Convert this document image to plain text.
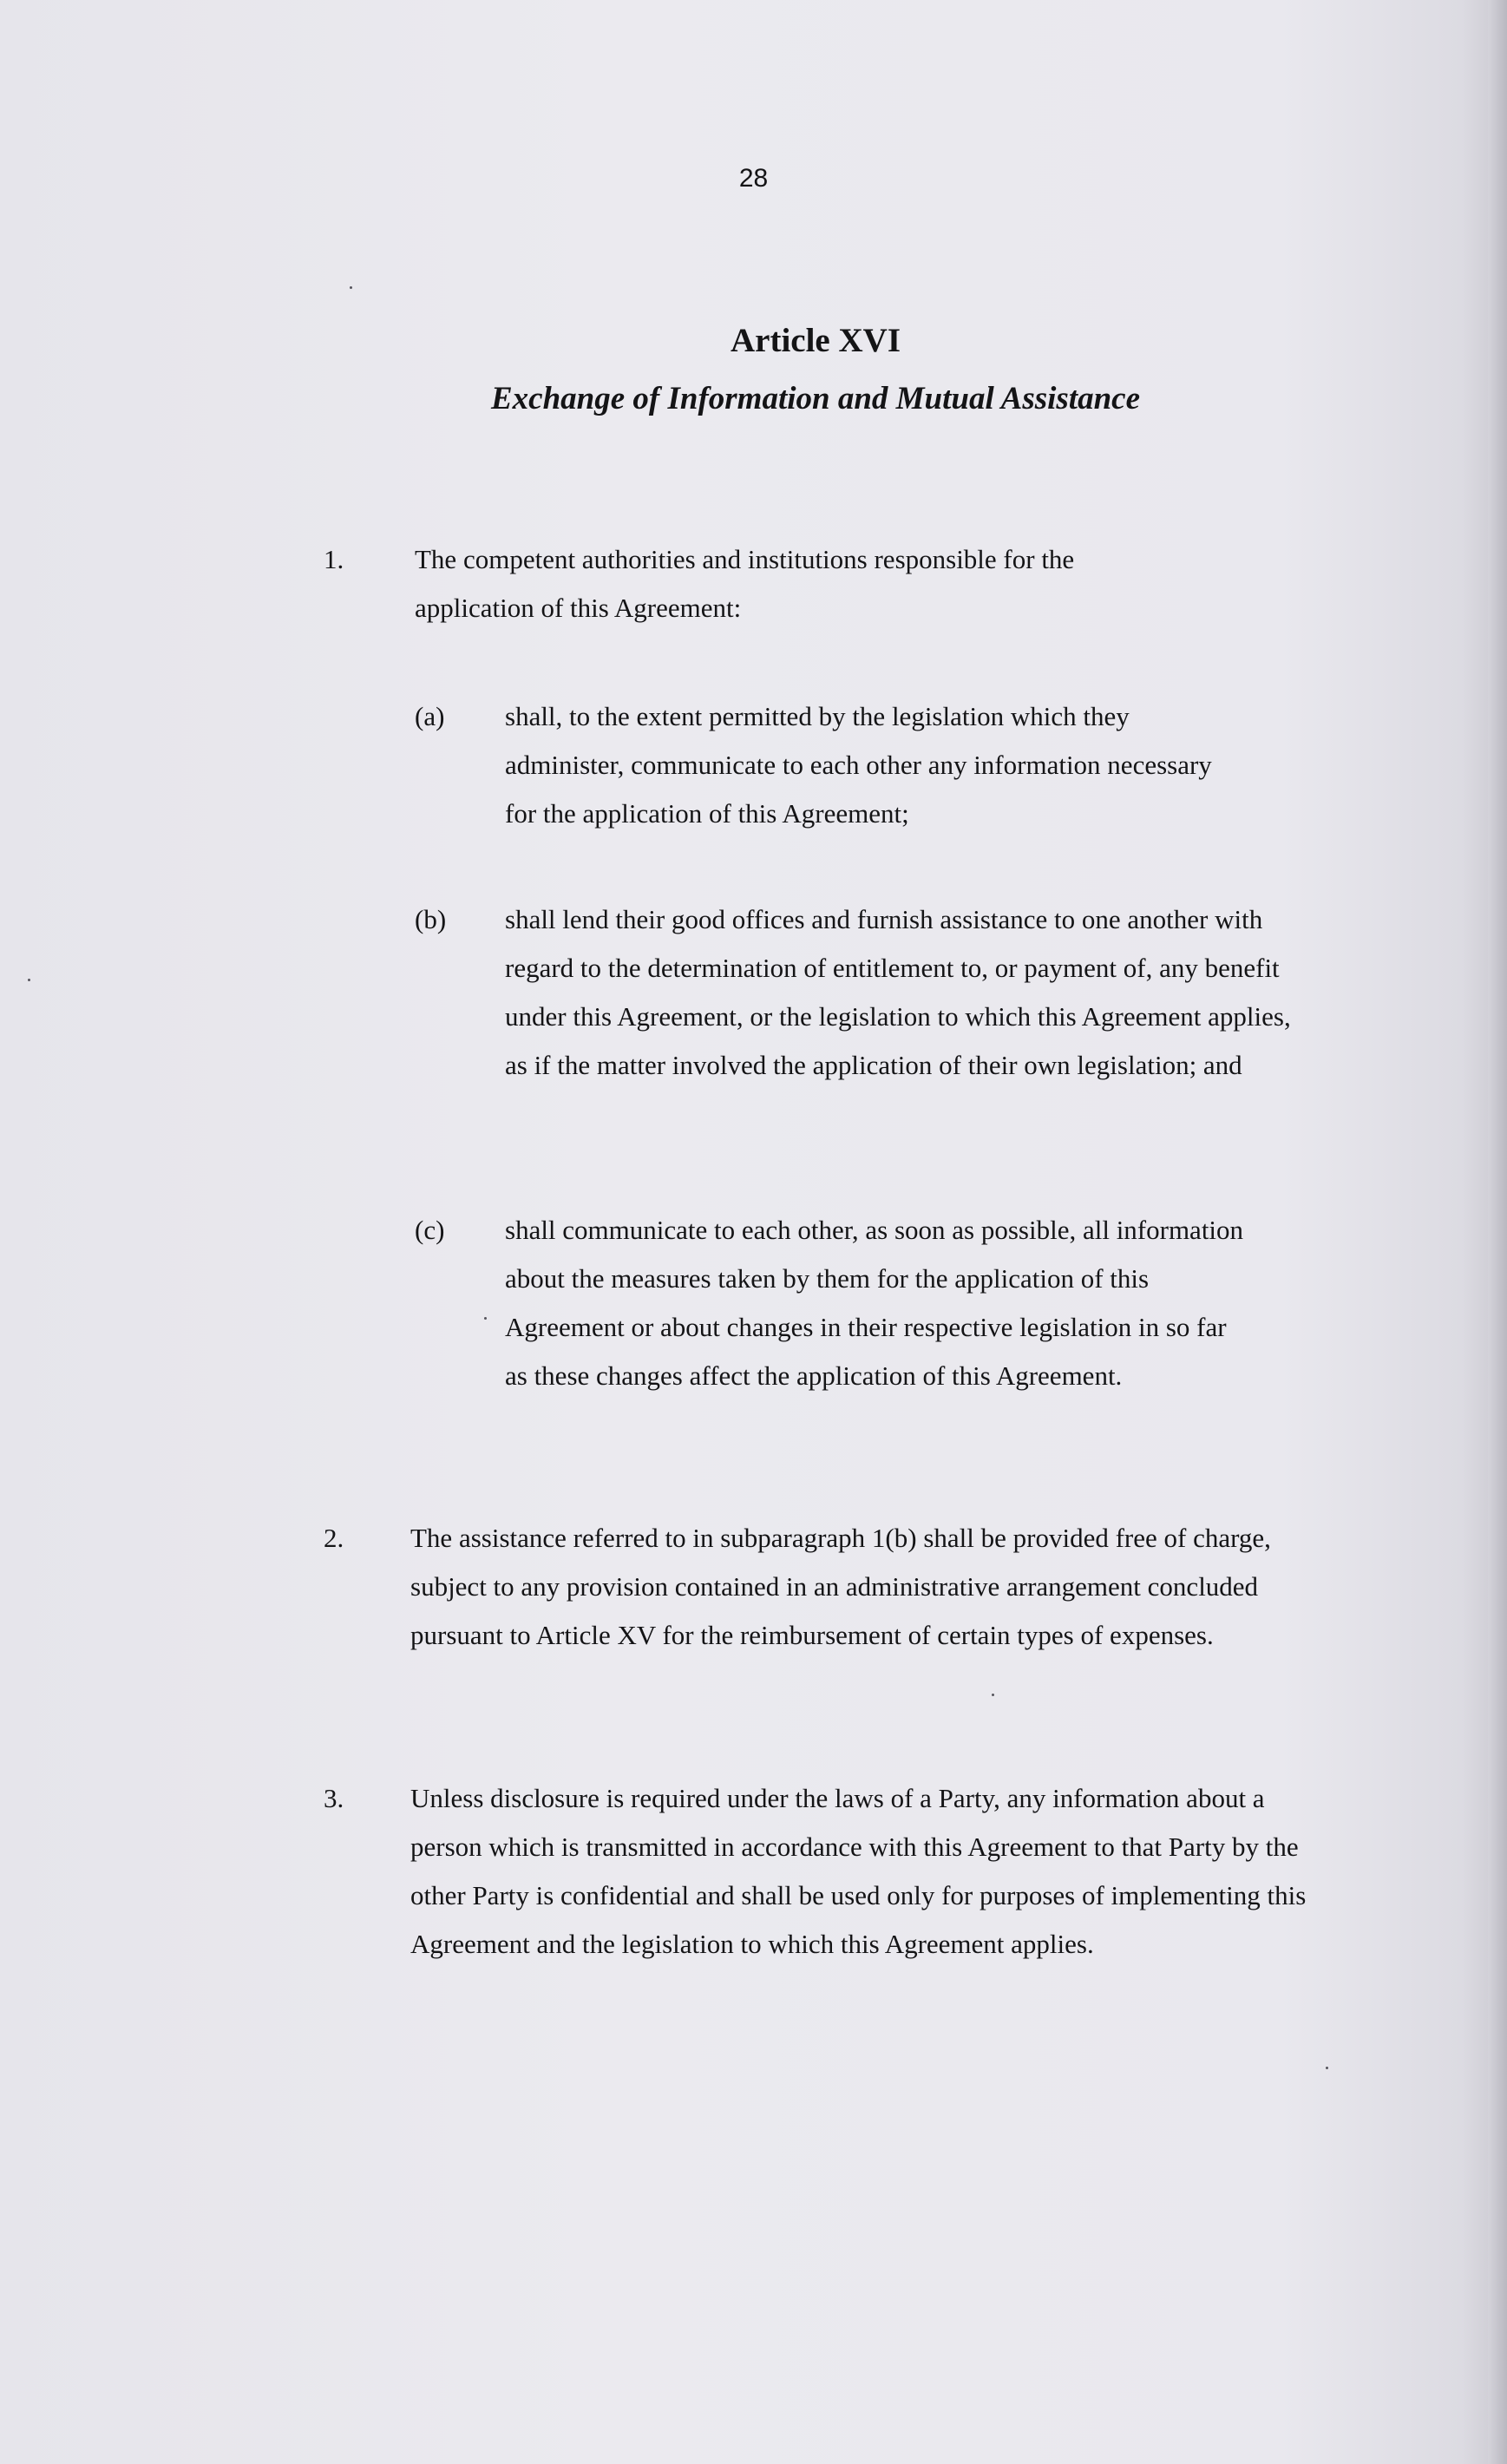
28
Article XVI
Exchange of Information and Mutual Assistance
1.	The competent authorities and institutions responsible for the application of this Agreement:
(a) shall, to the extent permitted by the legislation which they administer, communicate to each other any information necessary for the application of this Agreement;
(b) shall lend their good offices and furnish assistance to one another with regard to the determination of entitlement to, or payment of, any benefit under this Agreement, or the legislation to which this Agreement applies, as if the matter involved the application of their own legislation; and
(c) shall communicate to each other, as soon as possible, all information about the measures taken by them for the application of this Agreement or about changes in their respective legislation in so far as these changes affect the application of this Agreement.
2. The assistance referred to in subparagraph 1(b) shall be provided free of charge, subject to any provision contained in an administrative arrangement concluded pursuant to Article XV for the reimbursement of certain types of expenses.
3. Unless disclosure is required under the laws of a Party, any information about a person which is transmitted in accordance with this Agreement to that Party by the other Party is confidential and shall be used only for purposes of implementing this Agreement and the legislation to which this Agreement applies.
